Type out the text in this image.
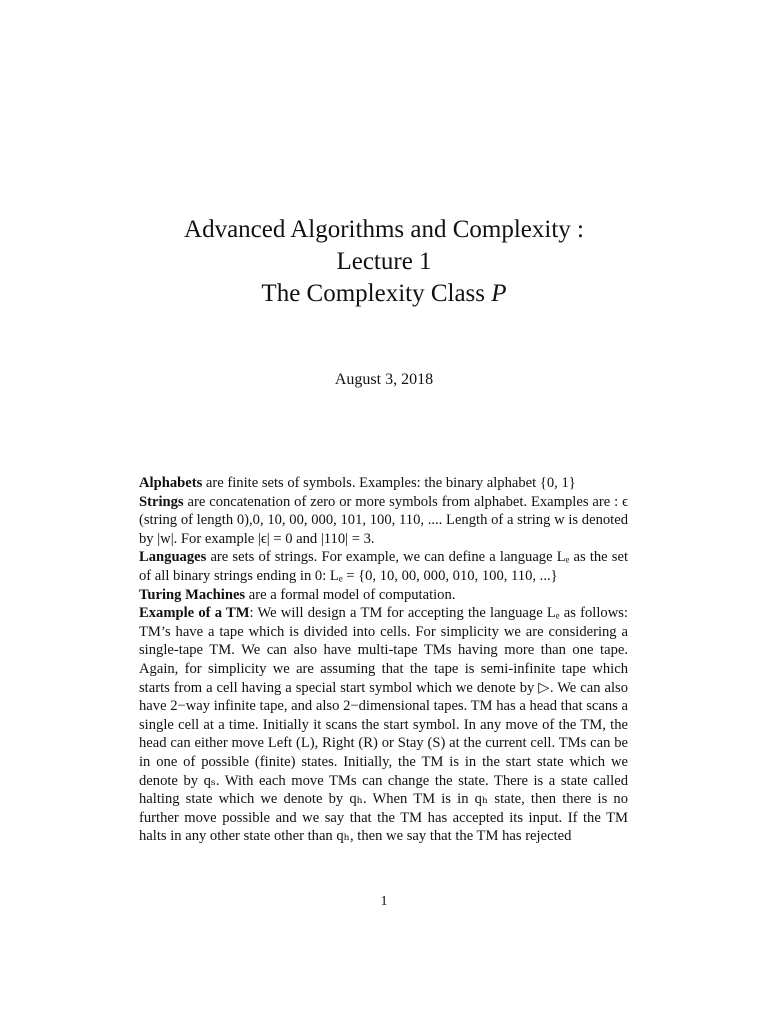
Advanced Algorithms and Complexity :
Lecture 1
The Complexity Class P
August 3, 2018

Alphabets are finite sets of symbols. Examples: the binary alphabet {0, 1}

Strings are concatenation of zero or more symbols from alphabet. Examples are : ϵ (string of length 0),0, 10, 00, 000, 101, 100, 110, .... Length of a string w is denoted by |w|. For example |ϵ| = 0 and |110| = 3.

Languages are sets of strings. For example, we can define a language Lₑ as the set of all binary strings ending in 0: Lₑ = {0, 10, 00, 000, 010, 100, 110, ...}

Turing Machines are a formal model of computation.

Example of a TM: We will design a TM for accepting the language Lₑ as follows: TM’s have a tape which is divided into cells. For simplicity we are considering a single-tape TM. We can also have multi-tape TMs having more than one tape. Again, for simplicity we are assuming that the tape is semi-infinite tape which starts from a cell having a special start symbol which we denote by ▷. We can also have 2−way infinite tape, and also 2−dimensional tapes. TM has a head that scans a single cell at a time. Initially it scans the start symbol. In any move of the TM, the head can either move Left (L), Right (R) or Stay (S) at the current cell. TMs can be in one of possible (finite) states. Initially, the TM is in the start state which we denote by qₛ. With each move TMs can change the state. There is a state called halting state which we denote by qₕ. When TM is in qₕ state, then there is no further move possible and we say that the TM has accepted its input. If the TM halts in any other state other than qₕ, then we say that the TM has rejected

1
